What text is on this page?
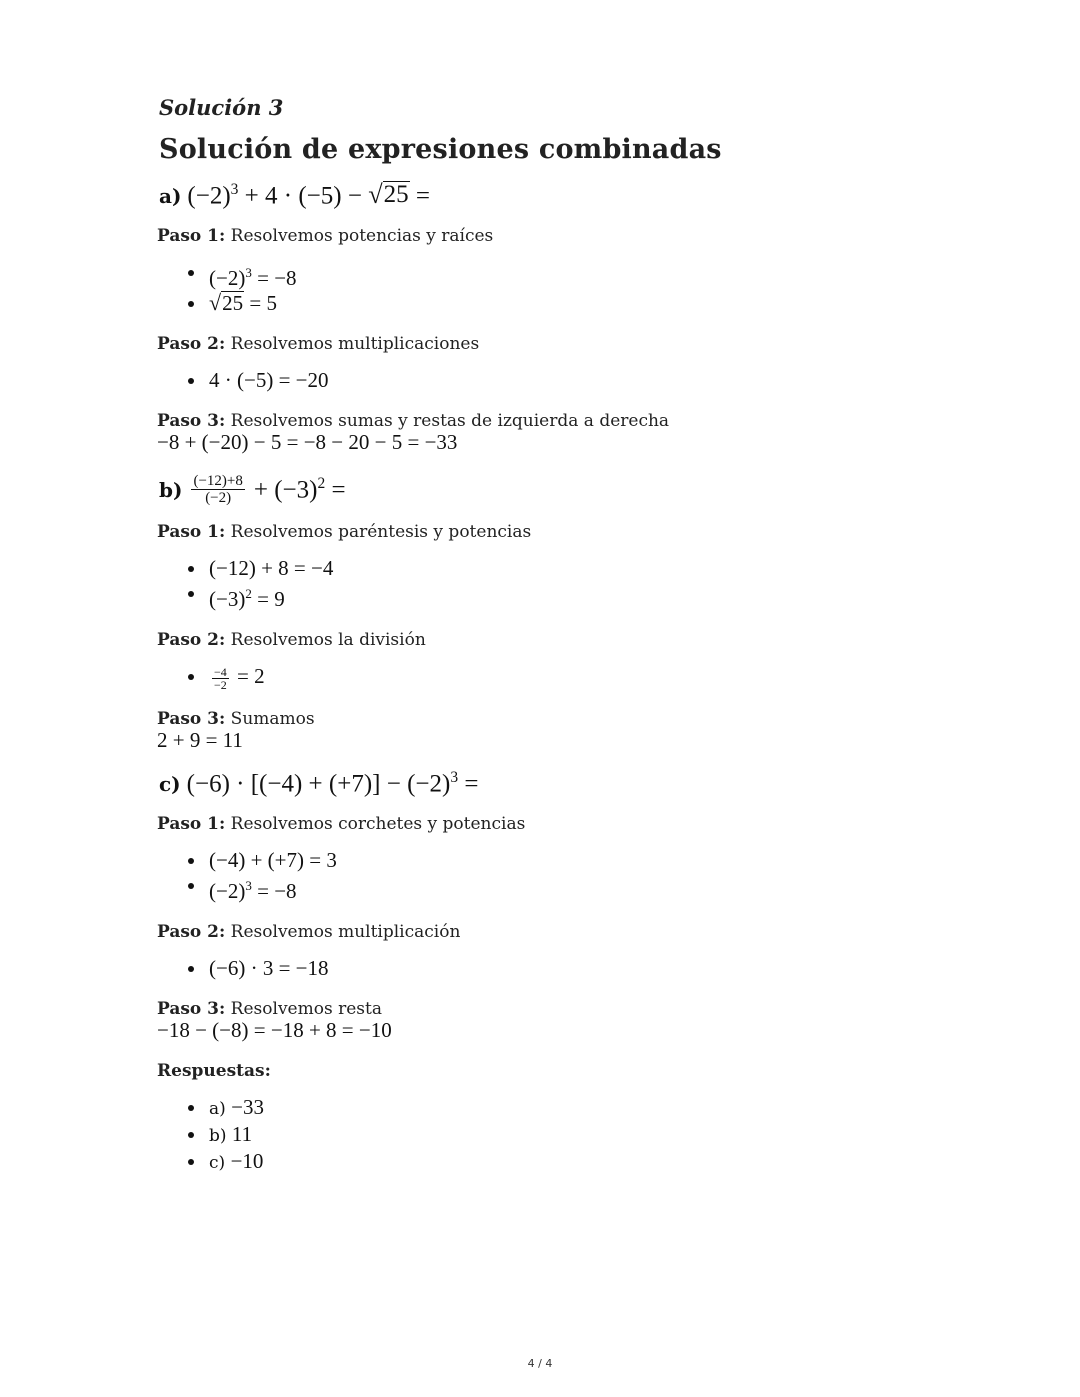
Solución 3
Solución de expresiones combinadas
a) $(-2)^3 + 4 \cdot (-5)$ − √ 25 =
Paso 1: Resolvemos potencias y raíces
$(-2)^3 = -8$
√ 25 = 5
Paso 2: Resolvemos multiplicaciones
4 · (−5) = −20
Paso 3: Resolvemos sumas y restas de izquierda a derecha
−8 + (−20) − 5 = −8 − 20 − 5 = −33
$b) \frac{(-12)+8}{(-2)} + (-3)^2$ =
Paso 1: Resolvemos paréntesis y potencias
(−12) + 8 = −4
$(-3)^2 = 9$
Paso 2: Resolvemos la división
$\frac{-4}{-2} = 2$
Paso 3: Sumamos
2 + 9 = 11
c) $(-6) \cdot [(-4) + (+7)] - (-2)^3$ =
Paso 1: Resolvemos corchetes y potencias
(−4) + (+7) = 3
$(-2)^3 = -8$
Paso 2: Resolvemos multiplicación
(−6) · 3 = −18
Paso 3: Resolvemos resta
−18 − (−8) = −18 + 8 = −10
Respuestas:
a) −33
b) 11
c) −10
4 / 4
